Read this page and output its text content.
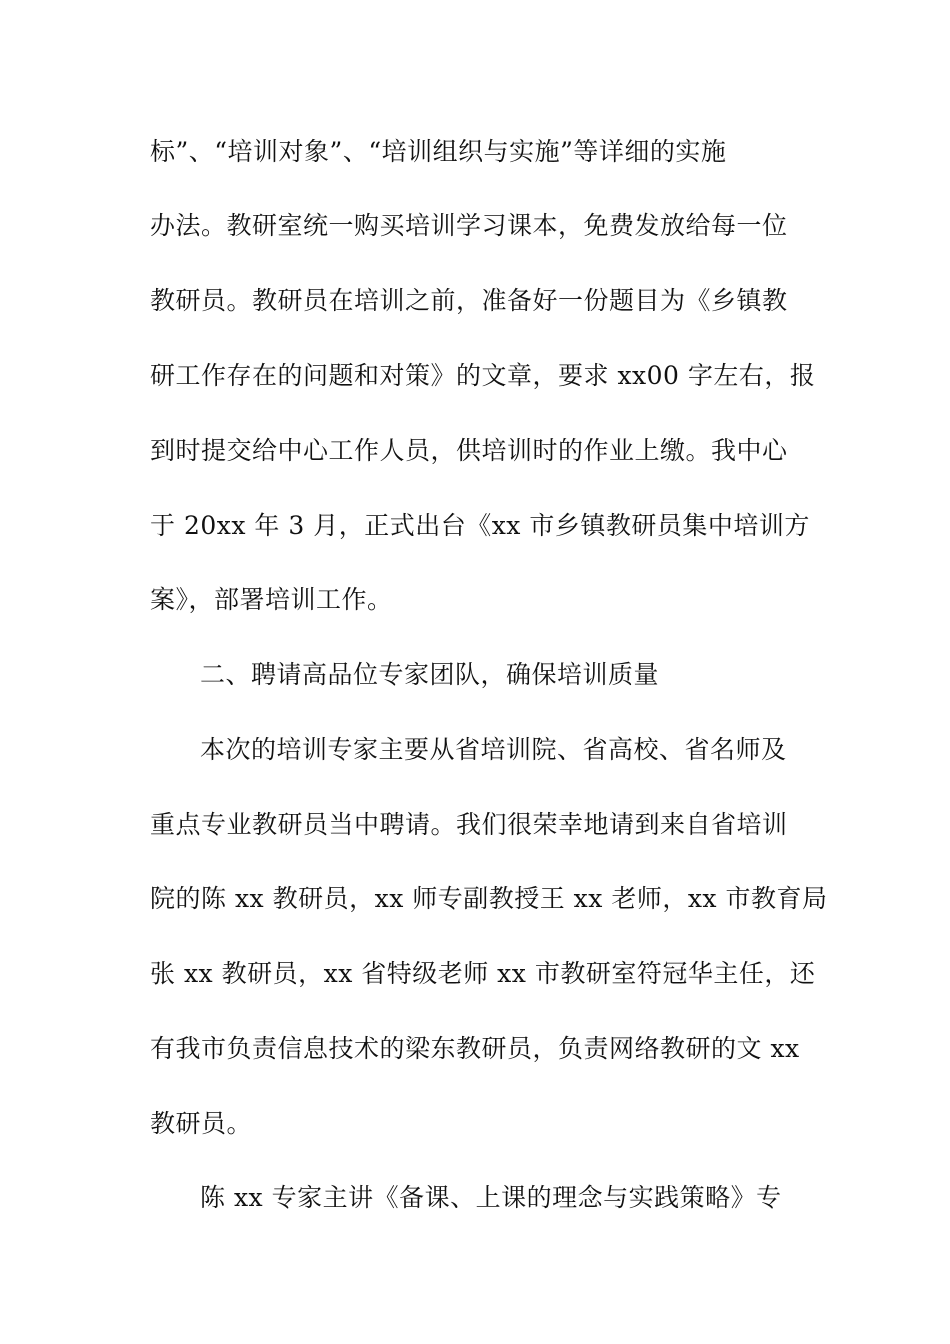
标”、“培训对象”、“培训组织与实施”等详细的实施
办法。教研室统一购买培训学习课本，免费发放给每一位
教研员。教研员在培训之前，准备好一份题目为《乡镇教
研工作存在的问题和对策》的文章，要求 xx00 字左右，报
到时提交给中心工作人员，供培训时的作业上缴。我中心
于 20xx 年 3 月，正式出台《xx 市乡镇教研员集中培训方
案》，部署培训工作。
二、聘请高品位专家团队，确保培训质量
本次的培训专家主要从省培训院、省高校、省名师及
重点专业教研员当中聘请。我们很荣幸地请到来自省培训
院的陈 xx 教研员，xx 师专副教授王 xx 老师，xx 市教育局
张 xx 教研员，xx 省特级老师 xx 市教研室符冠华主任，还
有我市负责信息技术的梁东教研员，负责网络教研的文 xx
教研员。
陈 xx 专家主讲《备课、上课的理念与实践策略》专
